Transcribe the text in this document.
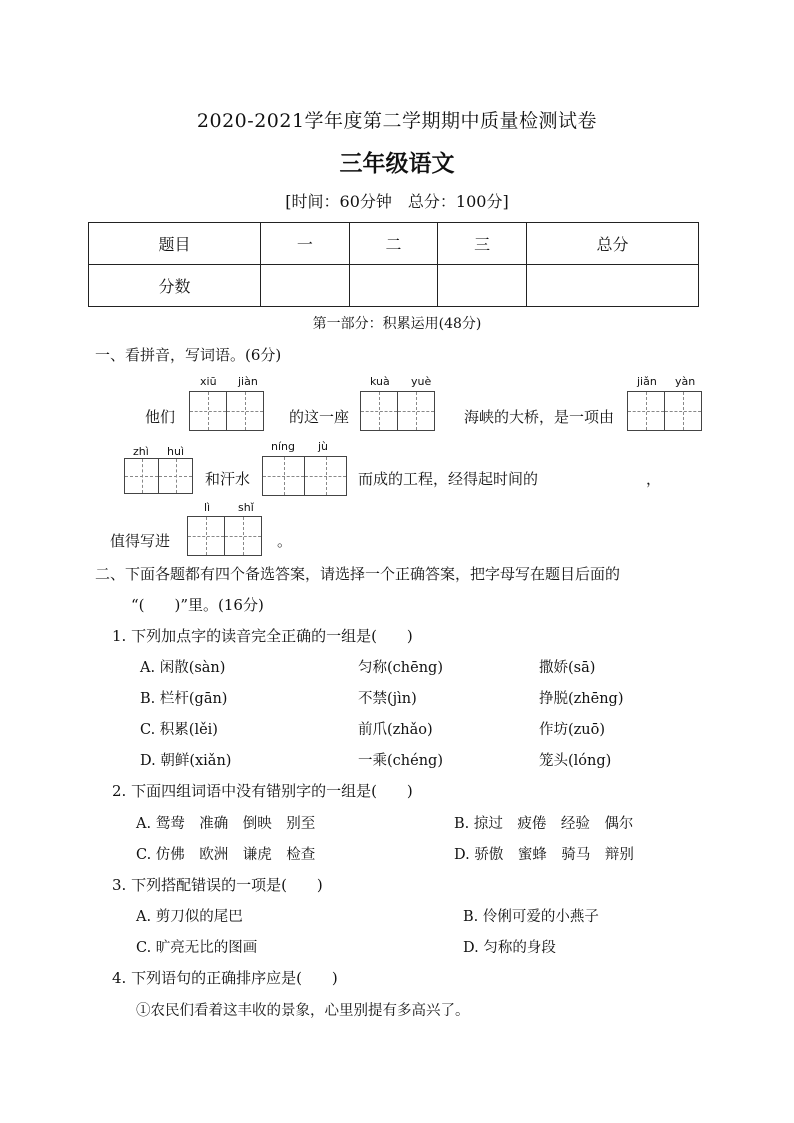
2020-2021学年度第二学期期中质量检测试卷
三年级语文
[时间：60分钟　总分：100分]
题目	一	二	三	总分
分数				
第一部分：积累运用(48分)
一、看拼音，写词语。(6分)
xiū jiàn	kuà yuè	jiǎn yàn
他们	的这一座	海峡的大桥，是一项由
zhì huì	níng jù
和汗水	而成的工程，经得起时间的	，
lì	shǐ
值得写进	。
二、下面各题都有四个备选答案，请选择一个正确答案，把字母写在题目后面的
“(　　)”里。(16分)
1. 下列加点字的读音完全正确的一组是(　　)
A. 闲散(sàn)	匀称(chēng)	撒娇(sā)
B. 栏杆(gān)	不禁(jìn)	挣脱(zhēng)
C. 积累(lěi)	前爪(zhǎo)	作坊(zuō)
D. 朝鲜(xiǎn)	一乘(chéng)	笼头(lóng)
2. 下面四组词语中没有错别字的一组是(　　)
A. 鸳鸯　准确　倒映　别至	B. 掠过　疲倦　经验　偶尔
C. 仿佛　欧洲　谦虎　检查	D. 骄傲　蜜蜂　骑马　辩别
3. 下列搭配错误的一项是(　　)
A. 剪刀似的尾巴	B. 伶俐可爱的小燕子
C. 旷亮无比的图画	D. 匀称的身段
4. 下列语句的正确排序应是(　　)
①农民们看着这丰收的景象，心里别提有多高兴了。
